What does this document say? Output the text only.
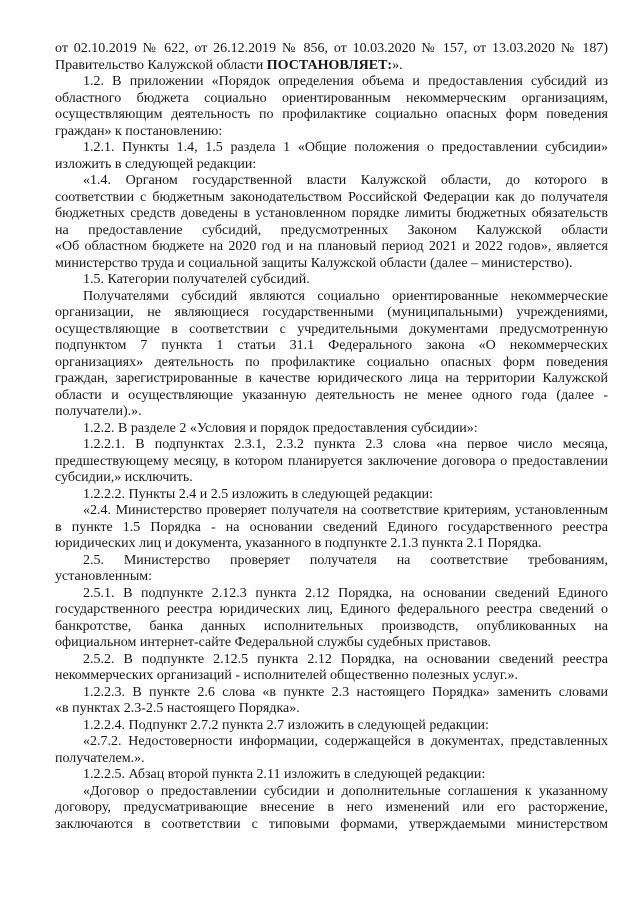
от 02.10.2019 № 622, от 26.12.2019 № 856, от 10.03.2020 № 157, от 13.03.2020 № 187)
Правительство Калужской области ПОСТАНОВЛЯЕТ:».
1.2. В приложении «Порядок определения объема и предоставления субсидий из
областного бюджета социально ориентированным некоммерческим организациям,
осуществляющим деятельность по профилактике социально опасных форм поведения
граждан» к постановлению:
1.2.1. Пункты 1.4, 1.5 раздела 1 «Общие положения о предоставлении субсидии»
изложить в следующей редакции:
«1.4. Органом государственной власти Калужской области, до которого в
соответствии с бюджетным законодательством Российской Федерации как до получателя
бюджетных средств доведены в установленном порядке лимиты бюджетных обязательств
на предоставление субсидий, предусмотренных Законом Калужской области
«Об областном бюджете на 2020 год и на плановый период 2021 и 2022 годов», является
министерство труда и социальной защиты Калужской области (далее – министерство).
1.5. Категории получателей субсидий.
Получателями субсидий являются социально ориентированные некоммерческие
организации, не являющиеся государственными (муниципальными) учреждениями,
осуществляющие в соответствии с учредительными документами предусмотренную
подпунктом 7 пункта 1 статьи 31.1 Федерального закона «О некоммерческих
организациях» деятельность по профилактике социально опасных форм поведения
граждан, зарегистрированные в качестве юридического лица на территории Калужской
области и осуществляющие указанную деятельность не менее одного года (далее -
получатели).».
1.2.2. В разделе 2 «Условия и порядок предоставления субсидии»:
1.2.2.1. В подпунктах 2.3.1, 2.3.2 пункта 2.3 слова «на первое число месяца,
предшествующему месяцу, в котором планируется заключение договора о предоставлении
субсидии,» исключить.
1.2.2.2. Пункты 2.4 и 2.5 изложить в следующей редакции:
«2.4. Министерство проверяет получателя на соответствие критериям, установленным
в пункте 1.5 Порядка - на основании сведений Единого государственного реестра
юридических лиц и документа, указанного в подпункте 2.1.3 пункта 2.1 Порядка.
2.5. Министерство проверяет получателя на соответствие требованиям,
установленным:
2.5.1. В подпункте 2.12.3 пункта 2.12 Порядка, на основании сведений Единого
государственного реестра юридических лиц, Единого федерального реестра сведений о
банкротстве, банка данных исполнительных производств, опубликованных на
официальном интернет-сайте Федеральной службы судебных приставов.
2.5.2. В подпункте 2.12.5 пункта 2.12 Порядка, на основании сведений реестра
некоммерческих организаций - исполнителей общественно полезных услуг.».
1.2.2.3. В пункте 2.6 слова «в пункте 2.3 настоящего Порядка» заменить словами
«в пунктах 2.3-2.5 настоящего Порядка».
1.2.2.4. Подпункт 2.7.2 пункта 2.7 изложить в следующей редакции:
«2.7.2. Недостоверности информации, содержащейся в документах, представленных
получателем.».
1.2.2.5. Абзац второй пункта 2.11 изложить в следующей редакции:
«Договор о предоставлении субсидии и дополнительные соглашения к указанному
договору, предусматривающие внесение в него изменений или его расторжение,
заключаются в соответствии с типовыми формами, утверждаемыми министерством
